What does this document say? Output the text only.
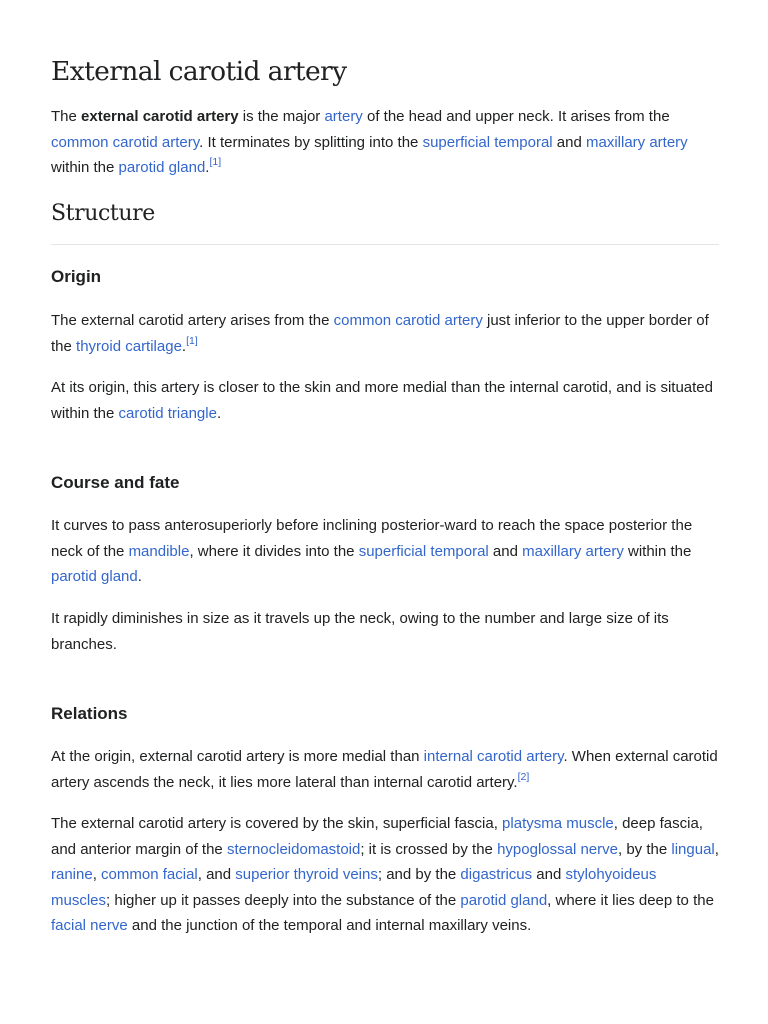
External carotid artery

The external carotid artery is the major artery of the head and upper neck. It arises from the common carotid artery. It terminates by splitting into the superficial temporal and maxillary artery within the parotid gland.[1]

Structure
Origin

The external carotid artery arises from the common carotid artery just inferior to the upper border of the thyroid cartilage.[1]

At its origin, this artery is closer to the skin and more medial than the internal carotid, and is situated within the carotid triangle.

Course and fate

It curves to pass anterosuperiorly before inclining posterior-ward to reach the space posterior the neck of the mandible, where it divides into the superficial temporal and maxillary artery within the parotid gland.

It rapidly diminishes in size as it travels up the neck, owing to the number and large size of its branches.

Relations

At the origin, external carotid artery is more medial than internal carotid artery. When external carotid artery ascends the neck, it lies more lateral than internal carotid artery.[2]

The external carotid artery is covered by the skin, superficial fascia, platysma muscle, deep fascia, and anterior margin of the sternocleidomastoid; it is crossed by the hypoglossal nerve, by the lingual, ranine, common facial, and superior thyroid veins; and by the digastricus and stylohyoideus muscles; higher up it passes deeply into the substance of the parotid gland, where it lies deep to the facial nerve and the junction of the temporal and internal maxillary veins.
